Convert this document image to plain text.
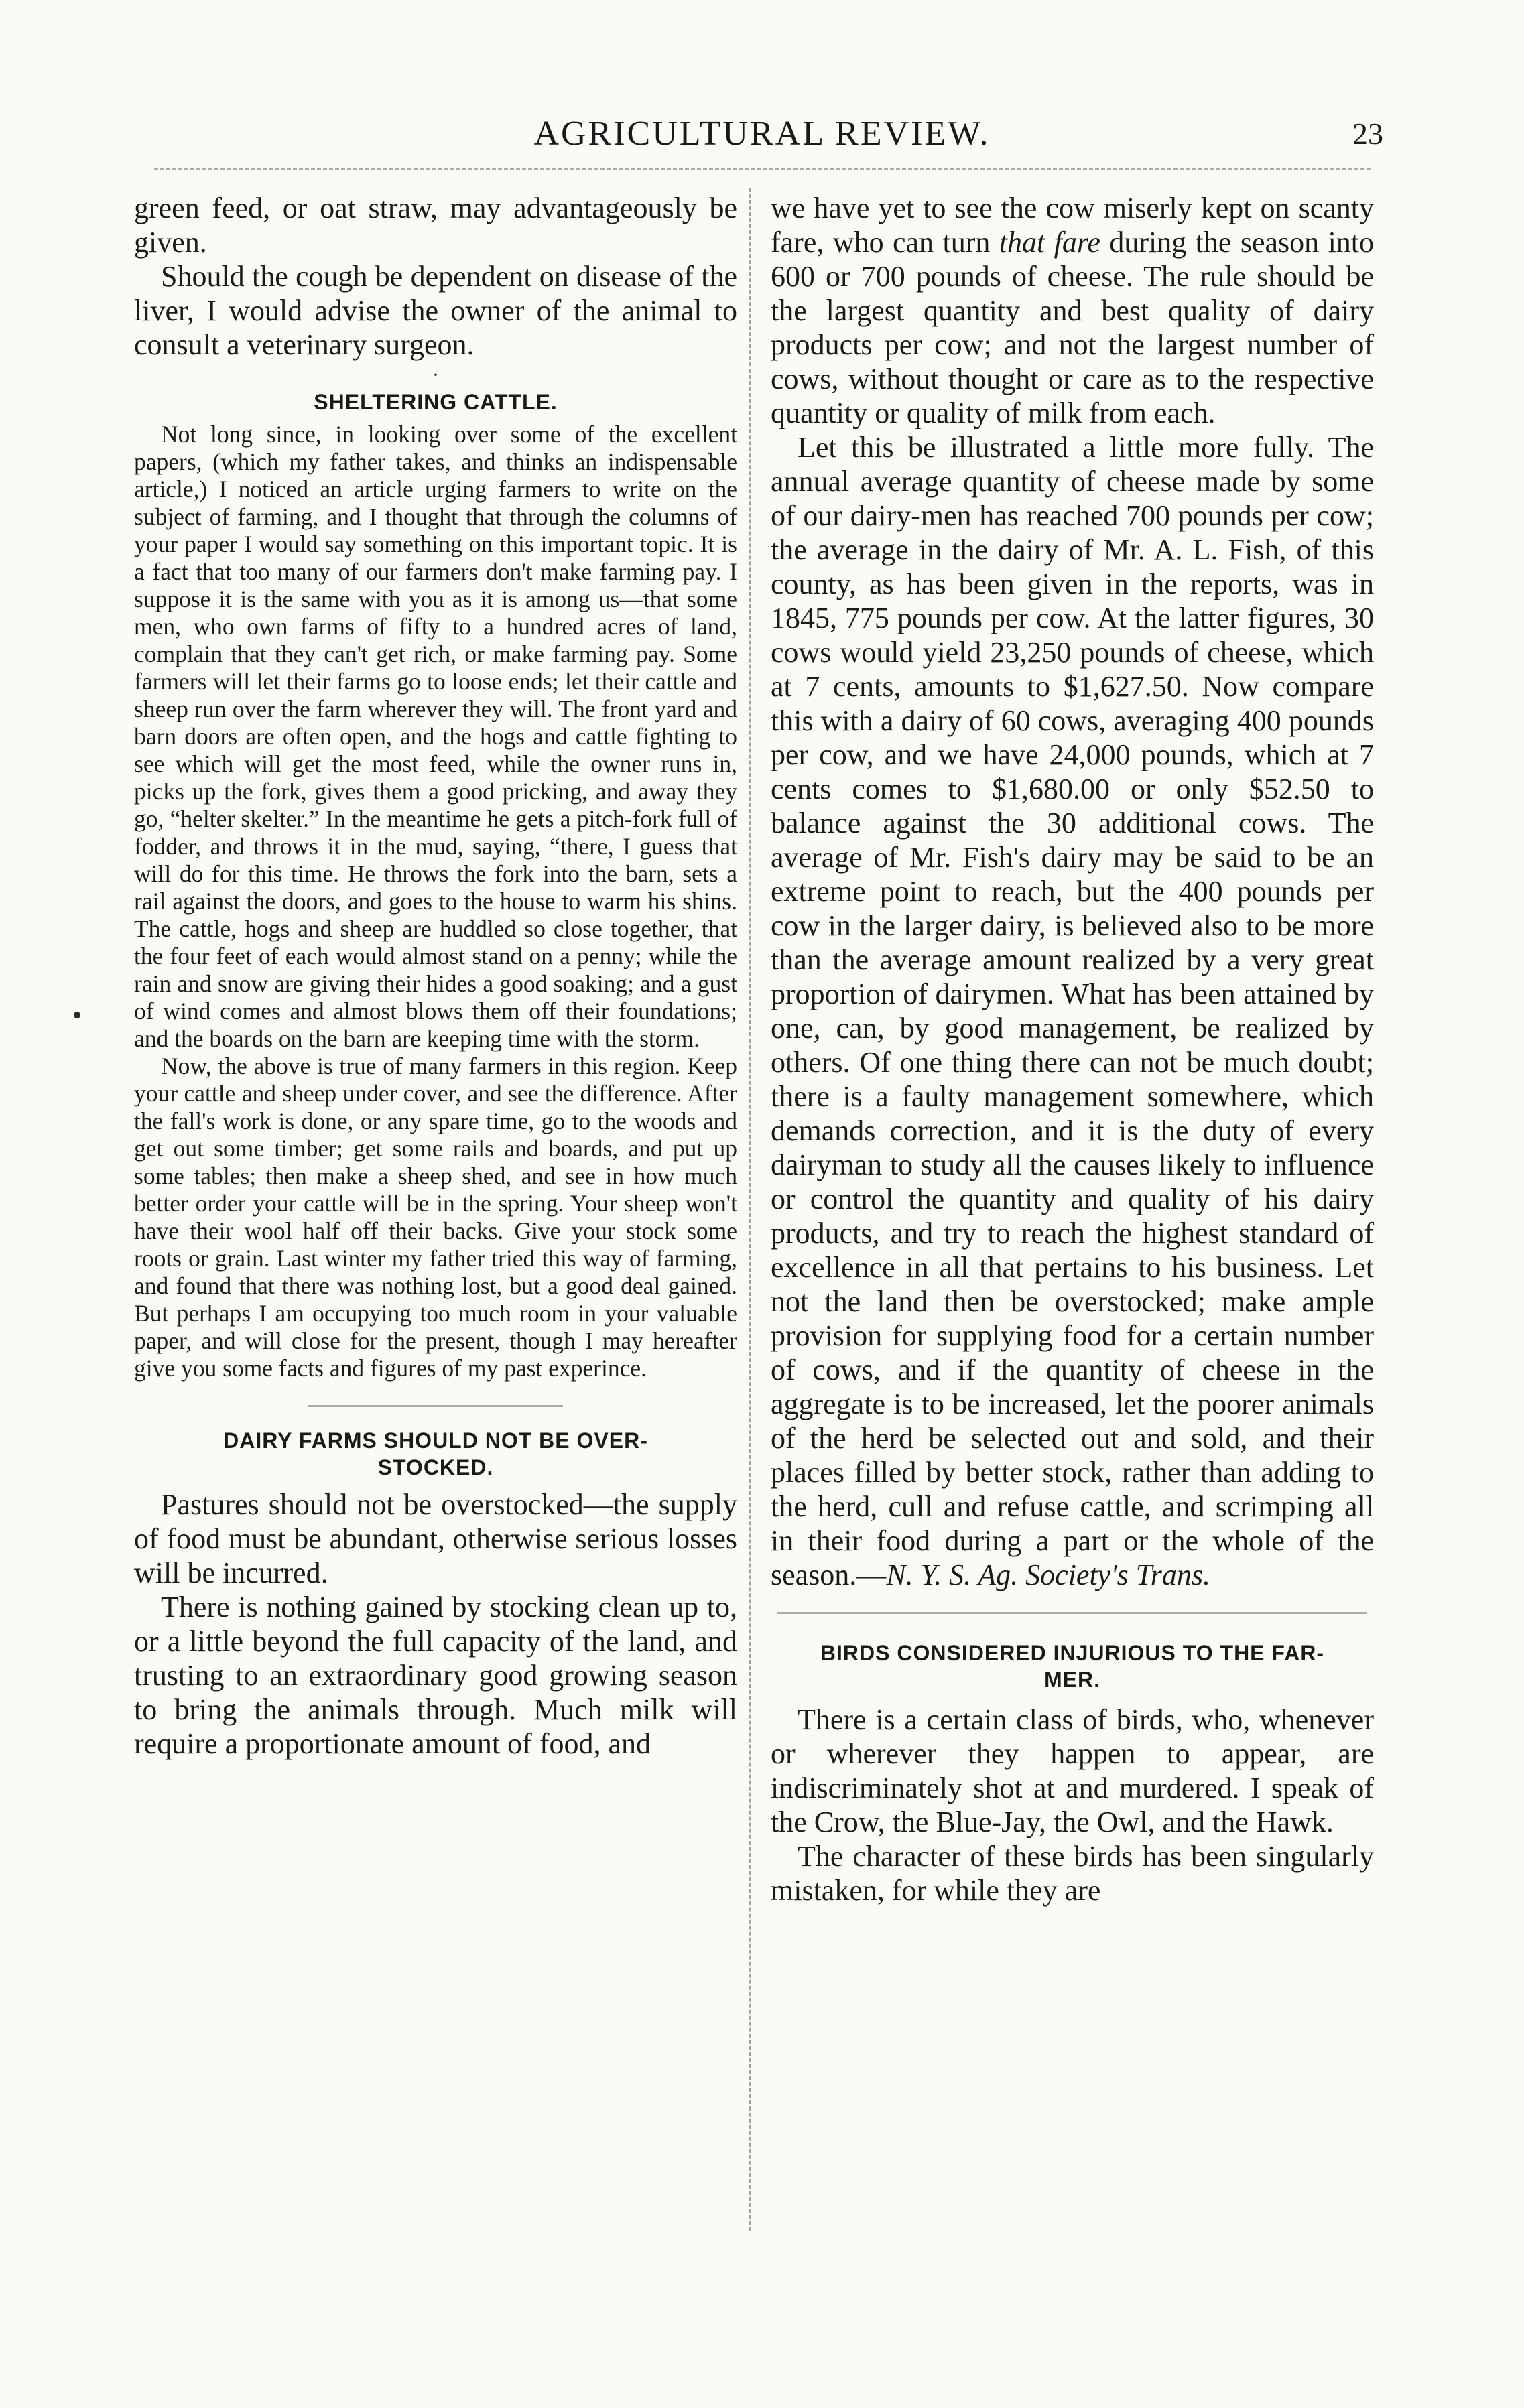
AGRICULTURAL REVIEW.	23

green feed, or oat straw, may advantageously be given.

Should the cough be dependent on disease of the liver, I would advise the owner of the animal to consult a veterinary surgeon.

·
SHELTERING CATTLE.

Not long since, in looking over some of the excellent papers, (which my father takes, and thinks an indispensable article,) I noticed an article urging farmers to write on the subject of farming, and I thought that through the columns of your paper I would say something on this important topic. It is a fact that too many of our farmers don't make farming pay. I suppose it is the same with you as it is among us—that some men, who own farms of fifty to a hundred acres of land, complain that they can't get rich, or make farming pay. Some farmers will let their farms go to loose ends; let their cattle and sheep run over the farm wherever they will. The front yard and barn doors are often open, and the hogs and cattle fighting to see which will get the most feed, while the owner runs in, picks up the fork, gives them a good pricking, and away they go, “helter skelter.” In the meantime he gets a pitch-fork full of fodder, and throws it in the mud, saying, “there, I guess that will do for this time. He throws the fork into the barn, sets a rail against the doors, and goes to the house to warm his shins. The cattle, hogs and sheep are huddled so close together, that the four feet of each would almost stand on a penny; while the rain and snow are giving their hides a good soaking; and a gust of wind comes and almost blows them off their foundations; and the boards on the barn are keeping time with the storm.

Now, the above is true of many farmers in this region. Keep your cattle and sheep under cover, and see the difference. After the fall's work is done, or any spare time, go to the woods and get out some timber; get some rails and boards, and put up some tables; then make a sheep shed, and see in how much better order your cattle will be in the spring. Your sheep won't have their wool half off their backs. Give your stock some roots or grain. Last winter my father tried this way of farming, and found that there was nothing lost, but a good deal gained. But perhaps I am occupying too much room in your valuable paper, and will close for the present, though I may hereafter give you some facts and figures of my past experince.

DAIRY FARMS SHOULD NOT BE OVER-
STOCKED.

Pastures should not be overstocked—the supply of food must be abundant, otherwise serious losses will be incurred.

There is nothing gained by stocking clean up to, or a little beyond the full capacity of the land, and trusting to an extraordinary good growing season to bring the animals through. Much milk will require a proportionate amount of food, and

we have yet to see the cow miserly kept on scanty fare, who can turn that fare during the season into 600 or 700 pounds of cheese. The rule should be the largest quantity and best quality of dairy products per cow; and not the largest number of cows, without thought or care as to the respective quantity or quality of milk from each.

Let this be illustrated a little more fully. The annual average quantity of cheese made by some of our dairy-men has reached 700 pounds per cow; the average in the dairy of Mr. A. L. Fish, of this county, as has been given in the reports, was in 1845, 775 pounds per cow. At the latter figures, 30 cows would yield 23,250 pounds of cheese, which at 7 cents, amounts to $1,627.50. Now compare this with a dairy of 60 cows, averaging 400 pounds per cow, and we have 24,000 pounds, which at 7 cents comes to $1,680.00 or only $52.50 to balance against the 30 additional cows. The average of Mr. Fish's dairy may be said to be an extreme point to reach, but the 400 pounds per cow in the larger dairy, is believed also to be more than the average amount realized by a very great proportion of dairymen. What has been attained by one, can, by good management, be realized by others. Of one thing there can not be much doubt; there is a faulty management somewhere, which demands correction, and it is the duty of every dairyman to study all the causes likely to influence or control the quantity and quality of his dairy products, and try to reach the highest standard of excellence in all that pertains to his business. Let not the land then be overstocked; make ample provision for supplying food for a certain number of cows, and if the quantity of cheese in the aggregate is to be increased, let the poorer animals of the herd be selected out and sold, and their places filled by better stock, rather than adding to the herd, cull and refuse cattle, and scrimping all in their food during a part or the whole of the season.—N. Y. S. Ag. Society's Trans.

BIRDS CONSIDERED INJURIOUS TO THE FAR-
MER.

There is a certain class of birds, who, whenever or wherever they happen to appear, are indiscriminately shot at and murdered. I speak of the Crow, the Blue-Jay, the Owl, and the Hawk.

The character of these birds has been singularly mistaken, for while they are
